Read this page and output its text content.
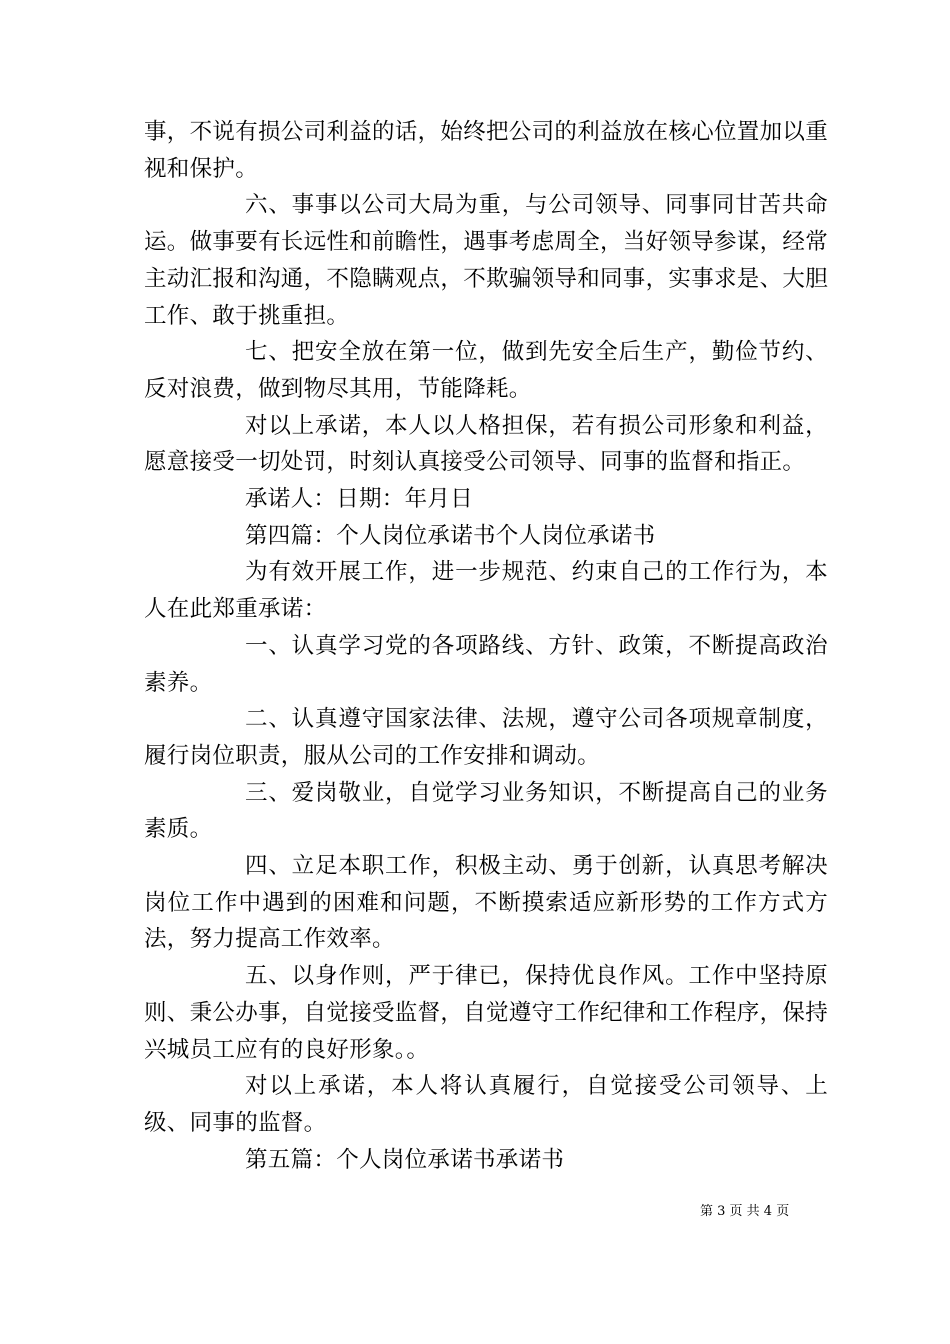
事，不说有损公司利益的话，始终把公司的利益放在核心位置加以重视和保护。

六、事事以公司大局为重，与公司领导、同事同甘苦共命运。做事要有长远性和前瞻性，遇事考虑周全，当好领导参谋，经常主动汇报和沟通，不隐瞒观点，不欺骗领导和同事，实事求是、大胆工作、敢于挑重担。

七、把安全放在第一位，做到先安全后生产，勤俭节约、反对浪费，做到物尽其用，节能降耗。

对以上承诺，本人以人格担保，若有损公司形象和利益，愿意接受一切处罚，时刻认真接受公司领导、同事的监督和指正。

承诺人：日期：年月日

第四篇：个人岗位承诺书个人岗位承诺书

为有效开展工作，进一步规范、约束自己的工作行为，本人在此郑重承诺：

一、认真学习党的各项路线、方针、政策，不断提高政治素养。

二、认真遵守国家法律、法规，遵守公司各项规章制度，履行岗位职责，服从公司的工作安排和调动。

三、爱岗敬业，自觉学习业务知识，不断提高自己的业务素质。

四、立足本职工作，积极主动、勇于创新，认真思考解决岗位工作中遇到的困难和问题，不断摸索适应新形势的工作方式方法，努力提高工作效率。

五、以身作则，严于律已，保持优良作风。工作中坚持原则、秉公办事，自觉接受监督，自觉遵守工作纪律和工作程序，保持兴城员工应有的良好形象。。

对以上承诺，本人将认真履行，自觉接受公司领导、上级、同事的监督。

第五篇：个人岗位承诺书承诺书

第 3 页 共 4 页
